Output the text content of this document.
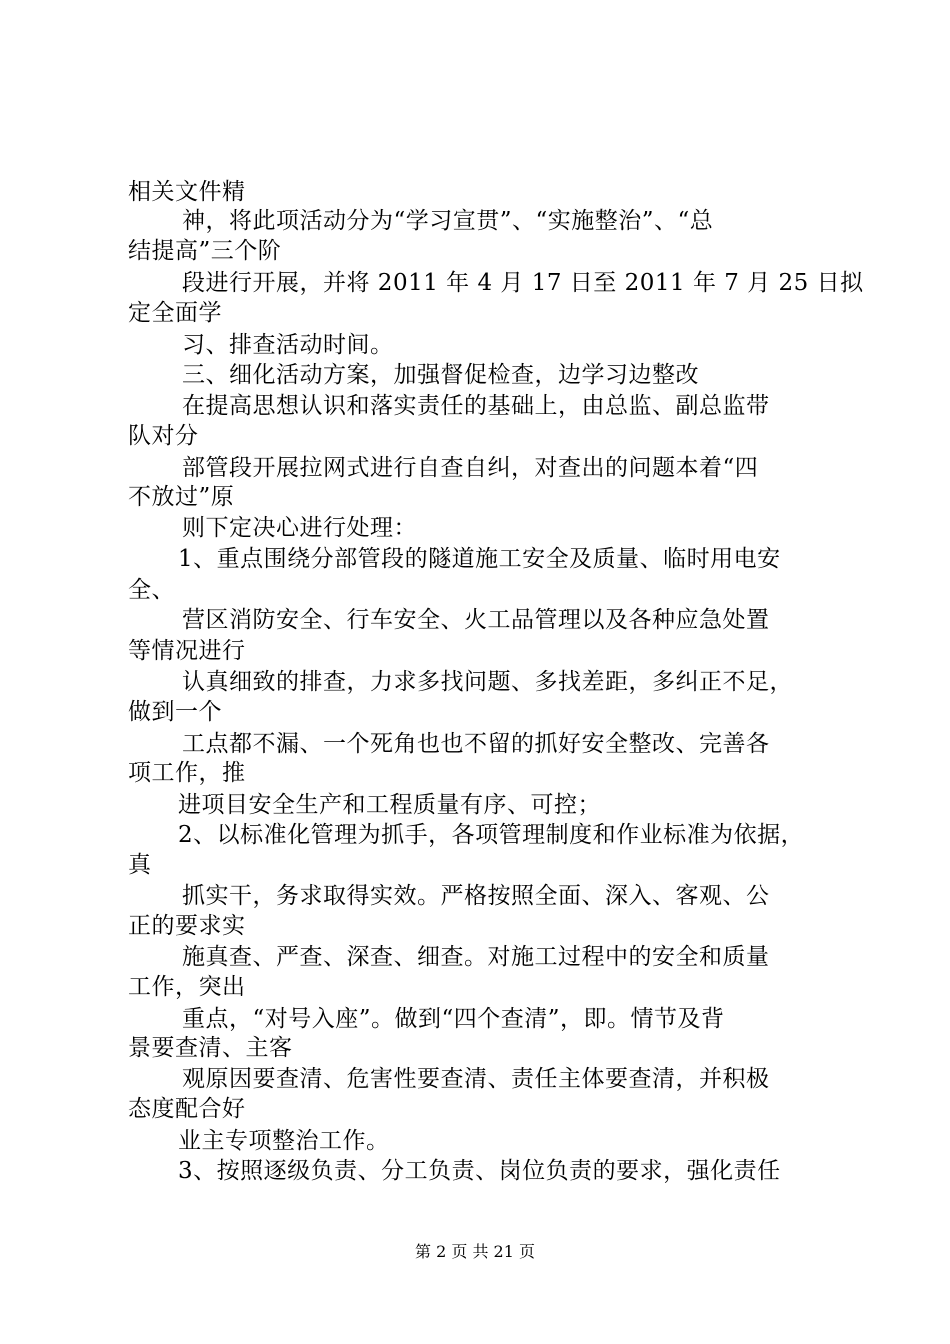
相关文件精
神，将此项活动分为“学习宣贯”、“实施整治”、“总
结提高”三个阶
段进行开展，并将 2011 年 4 月 17 日至 2011 年 7 月 25 日拟
定全面学
习、排查活动时间。
三、细化活动方案，加强督促检查，边学习边整改
在提高思想认识和落实责任的基础上，由总监、副总监带
队对分
部管段开展拉网式进行自查自纠，对查出的问题本着“四
不放过”原
则下定决心进行处理：
1、重点围绕分部管段的隧道施工安全及质量、临时用电安
全、
营区消防安全、行车安全、火工品管理以及各种应急处置
等情况进行
认真细致的排查，力求多找问题、多找差距，多纠正不足，
做到一个
工点都不漏、一个死角也也不留的抓好安全整改、完善各
项工作，推
进项目安全生产和工程质量有序、可控；
2、以标准化管理为抓手，各项管理制度和作业标准为依据，
真
抓实干，务求取得实效。严格按照全面、深入、客观、公
正的要求实
施真查、严查、深查、细查。对施工过程中的安全和质量
工作，突出
重点，“对号入座”。做到“四个查清”，即。情节及背
景要查清、主客
观原因要查清、危害性要查清、责任主体要查清，并积极
态度配合好
业主专项整治工作。
3、按照逐级负责、分工负责、岗位负责的要求，强化责任
第 2 页 共 21 页
